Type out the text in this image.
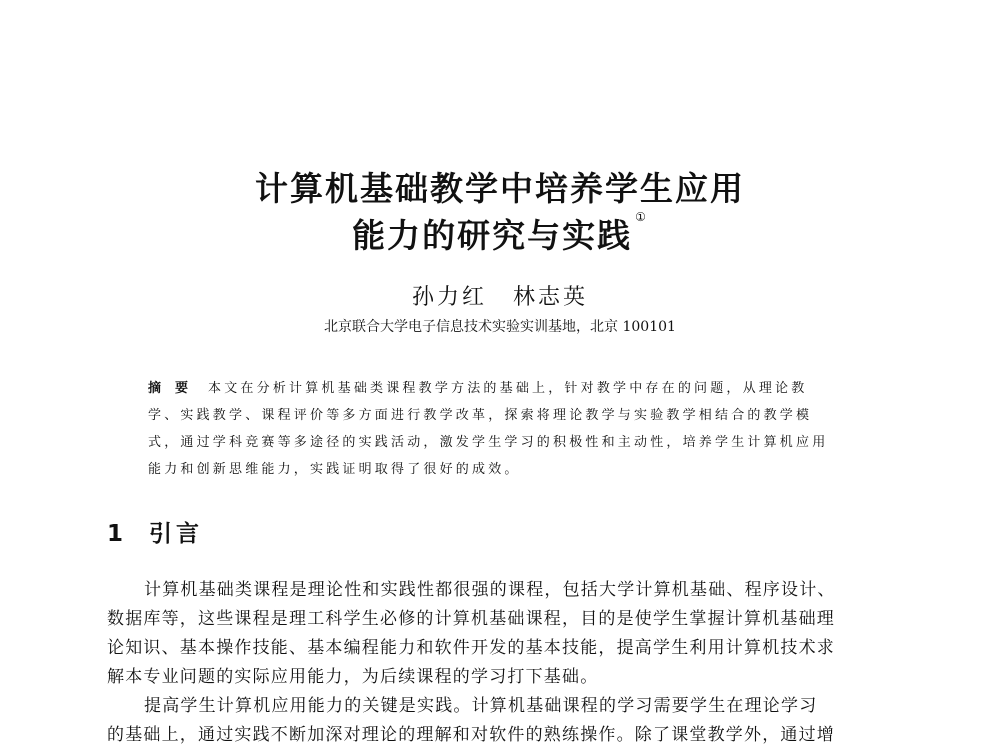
计算机基础教学中培养学生应用
能力的研究与实践 ①
孙力红 林志英
北京联合大学电子信息技术实验实训基地，北京 100101
摘要 本文在分析计算机基础类课程教学方法的基础上，针对教学中存在的问题，从理论教
学、实践教学、课程评价等多方面进行教学改革，探索将理论教学与实验教学相结合的教学模
式，通过学科竞赛等多途径的实践活动，激发学生学习的积极性和主动性，培养学生计算机应用
能力和创新思维能力，实践证明取得了很好的成效。
1 引言
计算机基础类课程是理论性和实践性都很强的课程，包括大学计算机基础、程序设计、
数据库等，这些课程是理工科学生必修的计算机基础课程，目的是使学生掌握计算机基础理
论知识、基本操作技能、基本编程能力和软件开发的基本技能，提高学生利用计算机技术求
解本专业问题的实际应用能力，为后续课程的学习打下基础。
提高学生计算机应用能力的关键是实践。计算机基础课程的学习需要学生在理论学习
的基础上，通过实践不断加深对理论的理解和对软件的熟练操作。除了课堂教学外，通过增
